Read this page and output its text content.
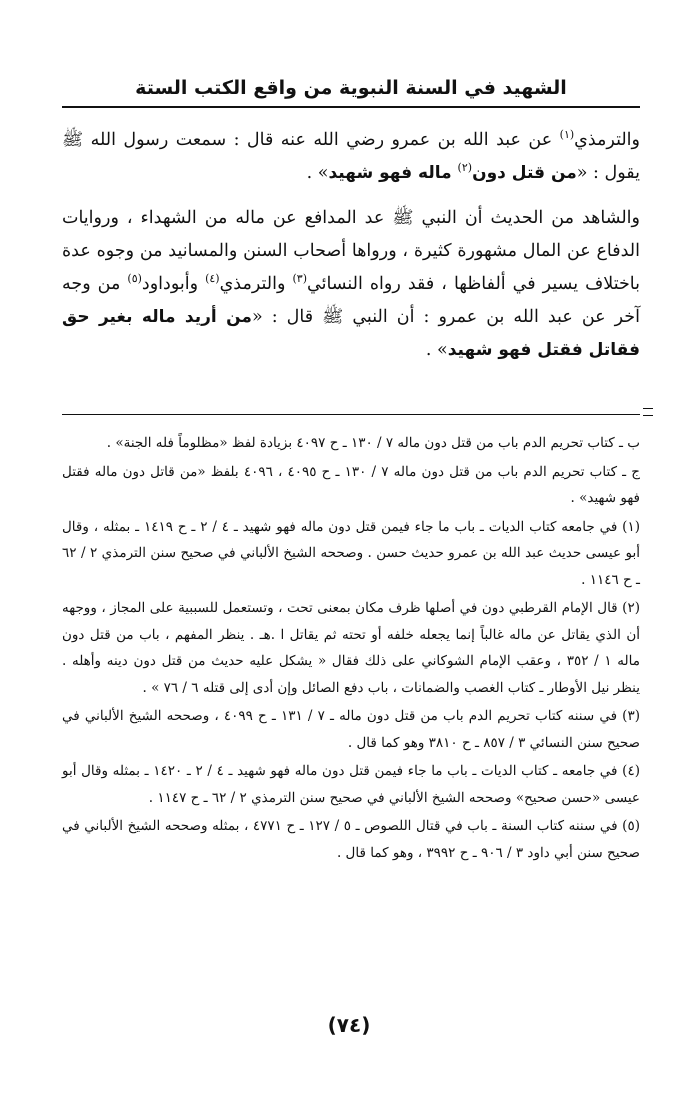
الشهيد في السنة النبوية من واقع الكتب الستة

والترمذي$^{(١)}$ عن عبد الله بن عمرو رضي الله عنه قال : سمعت رسول الله ﷺ يقول : «من قتل دون$^{(٢)}$ ماله فهو شهيد» .

والشاهد من الحديث أن النبي ﷺ عد المدافع عن ماله من الشهداء ، وروايات الدفاع عن المال مشهورة كثيرة ، ورواها أصحاب السنن والمسانيد من وجوه عدة باختلاف يسير في ألفاظها ، فقد رواه النسائي$^{(٣)}$ والترمذي$^{(٤)}$ وأبوداود$^{(٥)}$ من وجه آخر عن عبد الله بن عمرو : أن النبي ﷺ قال : «من أريد ماله بغير حق فقاتل فقتل فهو شهيد» .

ب ـ كتاب تحريم الدم باب من قتل دون ماله ٧ / ١٣٠ ـ ح ٤٠٩٧ بزيادة لفظ «مظلوماً فله الجنة» .

ج ـ كتاب تحريم الدم باب من قتل دون ماله ٧ / ١٣٠ ـ ح ٤٠٩٥ ، ٤٠٩٦ بلفظ «من قاتل دون ماله فقتل فهو شهيد» .

(١) في جامعه كتاب الديات ـ باب ما جاء فيمن قتل دون ماله فهو شهيد ـ ٤ / ٢ ـ ح ١٤١٩ ـ بمثله ، وقال أبو عيسى حديث عبد الله بن عمرو حديث حسن . وصححه الشيخ الألباني في صحيح سنن الترمذي ٢ / ٦٢ ـ ح ١١٤٦ .

(٢) قال الإمام القرطبي دون في أصلها ظرف مكان بمعنى تحت ، وتستعمل للسببية على المجاز ، ووجهه أن الذي يقاتل عن ماله غالباً إنما يجعله خلفه أو تحته ثم يقاتل ا .هـ . ينظر المفهم ، باب من قتل دون ماله ١ / ٣٥٢ ، وعقب الإمام الشوكاني على ذلك فقال « يشكل عليه حديث من قتل دون دينه وأهله . ينظر نيل الأوطار ـ كتاب الغصب والضمانات ، باب دفع الصائل وإن أدى إلى قتله ٦ / ٧٦ » .

(٣) في سننه كتاب تحريم الدم باب من قتل دون ماله ـ ٧ / ١٣١ ـ ح ٤٠٩٩ ، وصححه الشيخ الألباني في صحيح سنن النسائي ٣ / ٨٥٧ ـ ح ٣٨١٠ وهو كما قال .

(٤) في جامعه ـ كتاب الديات ـ باب ما جاء فيمن قتل دون ماله فهو شهيد ـ ٤ / ٢ ـ ١٤٢٠ ـ بمثله وقال أبو عيسى «حسن صحيح» وصححه الشيخ الألباني في صحيح سنن الترمذي ٢ / ٦٢ ـ ح ١١٤٧ .

(٥) في سننه كتاب السنة ـ باب في قتال اللصوص ـ ٥ / ١٢٧ ـ ح ٤٧٧١ ، بمثله وصححه الشيخ الألباني في صحيح سنن أبي داود ٣ / ٩٠٦ ـ ح ٣٩٩٢ ، وهو كما قال .

(٧٤)
